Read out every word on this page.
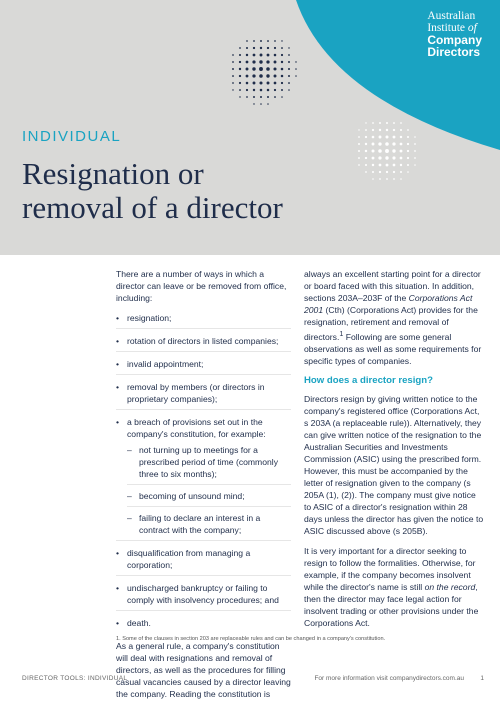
Australian
Institute of
Company
Directors
INDIVIDUAL
Resignation or
removal of a director

There are a number of ways in which a director can leave or be removed from office, including:

• resignation;
• rotation of directors in listed companies;
• invalid appointment;
• removal by members (or directors in proprietary companies);
• a breach of provisions set out in the company's constitution, for example:
– not turning up to meetings for a prescribed period of time (commonly three to six months);
– becoming of unsound mind;
– failing to declare an interest in a contract with the company;
• disqualification from managing a corporation;
• undischarged bankruptcy or failing to comply with insolvency procedures; and
• death.

As a general rule, a company's constitution will deal with resignations and removal of directors, as well as the procedures for filling casual vacancies caused by a director leaving the company. Reading the constitution is

always an excellent starting point for a director or board faced with this situation. In addition, sections 203A–203F of the Corporations Act 2001 (Cth) (Corporations Act) provides for the resignation, retirement and removal of directors.$^1$ Following are some general observations as well as some requirements for specific types of companies.

How does a director resign?

Directors resign by giving written notice to the company's registered office (Corporations Act, s 203A (a replaceable rule)). Alternatively, they can give written notice of the resignation to the Australian Securities and Investments Commission (ASIC) using the prescribed form. However, this must be accompanied by the letter of resignation given to the company (s 205A (1), (2)). The company must give notice to ASIC of a director's resignation within 28 days unless the director has given the notice to ASIC discussed above (s 205B).

It is very important for a director seeking to resign to follow the formalities. Otherwise, for example, if the company becomes insolvent while the director's name is still on the record, then the director may face legal action for insolvent trading or other provisions under the Corporations Act.

1. Some of the clauses in section 203 are replaceable rules and can be changed in a company's constitution.
DIRECTOR TOOLS: INDIVIDUAL	For more information visit companydirectors.com.au	1
